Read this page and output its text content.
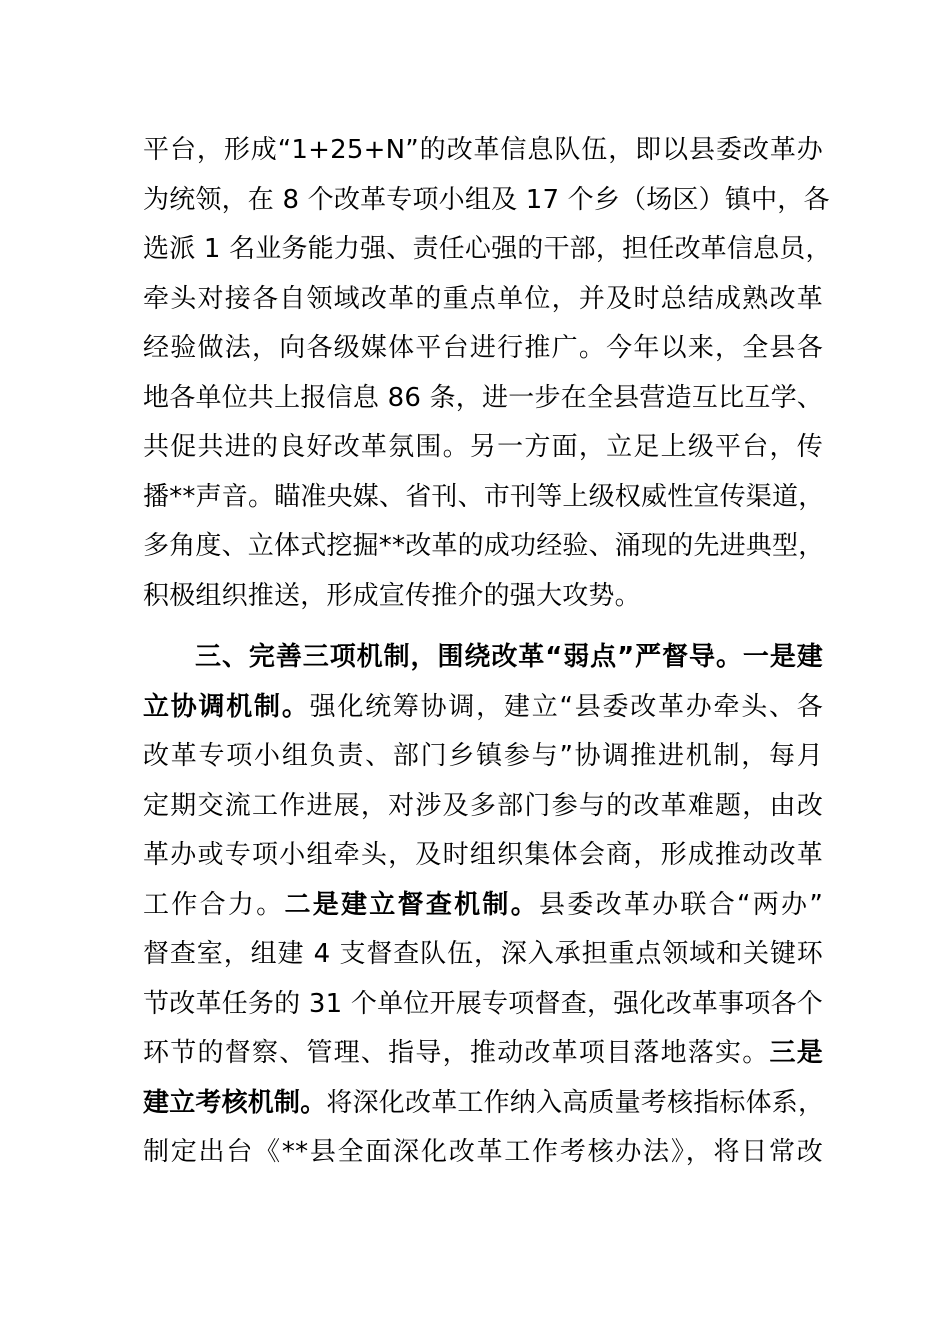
平台，形成“1+25+N”的改革信息队伍，即以县委改革办
为统领，在 8 个改革专项小组及 17 个乡（场区）镇中，各
选派 1 名业务能力强、责任心强的干部，担任改革信息员，
牵头对接各自领域改革的重点单位，并及时总结成熟改革
经验做法，向各级媒体平台进行推广。今年以来，全县各
地各单位共上报信息 86 条，进一步在全县营造互比互学、
共促共进的良好改革氛围。另一方面，立足上级平台，传
播**声音。瞄准央媒、省刊、市刊等上级权威性宣传渠道，
多角度、立体式挖掘**改革的成功经验、涌现的先进典型，
积极组织推送，形成宣传推介的强大攻势。
三、完善三项机制，围绕改革“弱点”严督导。一是建
立协调机制。强化统筹协调，建立“县委改革办牵头、各
改革专项小组负责、部门乡镇参与”协调推进机制，每月
定期交流工作进展，对涉及多部门参与的改革难题，由改
革办或专项小组牵头，及时组织集体会商，形成推动改革
工作合力。二是建立督查机制。县委改革办联合“两办”
督查室，组建 4 支督查队伍，深入承担重点领域和关键环
节改革任务的 31 个单位开展专项督查，强化改革事项各个
环节的督察、管理、指导，推动改革项目落地落实。三是
建立考核机制。将深化改革工作纳入高质量考核指标体系，
制定出台《**县全面深化改革工作考核办法》，将日常改
